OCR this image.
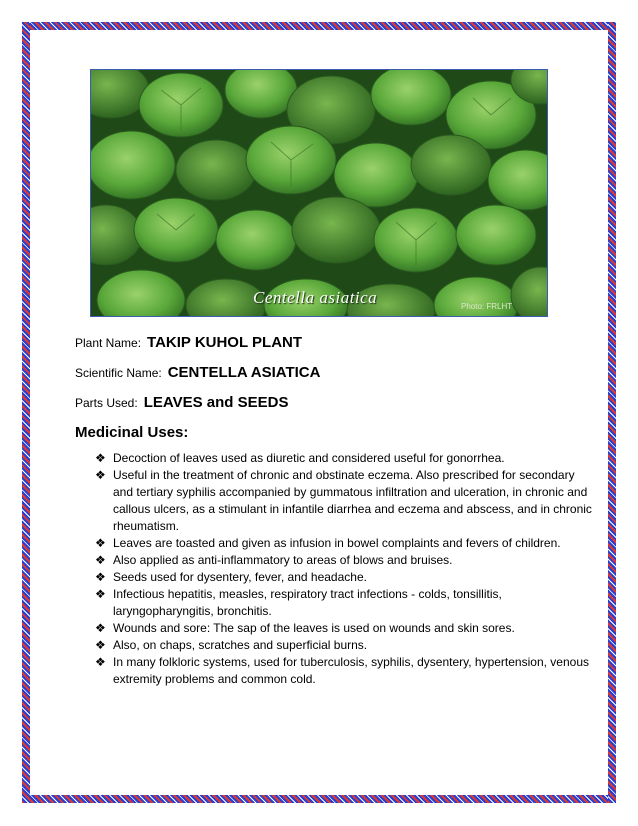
Centella asiatica	Photo: FRLHT
Plant Name: TAKIP KUHOL PLANT
Scientific Name: CENTELLA ASIATICA
Parts Used: LEAVES and SEEDS
Medicinal Uses:
❖ Decoction of leaves used as diuretic and considered useful for gonorrhea.
❖ Useful in the treatment of chronic and obstinate eczema. Also prescribed for secondary and tertiary syphilis accompanied by gummatous infiltration and ulceration, in chronic and callous ulcers, as a stimulant in infantile diarrhea and eczema and abscess, and in chronic rheumatism.
❖ Leaves are toasted and given as infusion in bowel complaints and fevers of children.
❖ Also applied as anti-inflammatory to areas of blows and bruises.
❖ Seeds used for dysentery, fever, and headache.
❖ Infectious hepatitis, measles, respiratory tract infections - colds, tonsillitis, laryngopharyngitis, bronchitis.
❖ Wounds and sore: The sap of the leaves is used on wounds and skin sores.
❖ Also, on chaps, scratches and superficial burns.
❖ In many folkloric systems, used for tuberculosis, syphilis, dysentery, hypertension, venous extremity problems and common cold.
